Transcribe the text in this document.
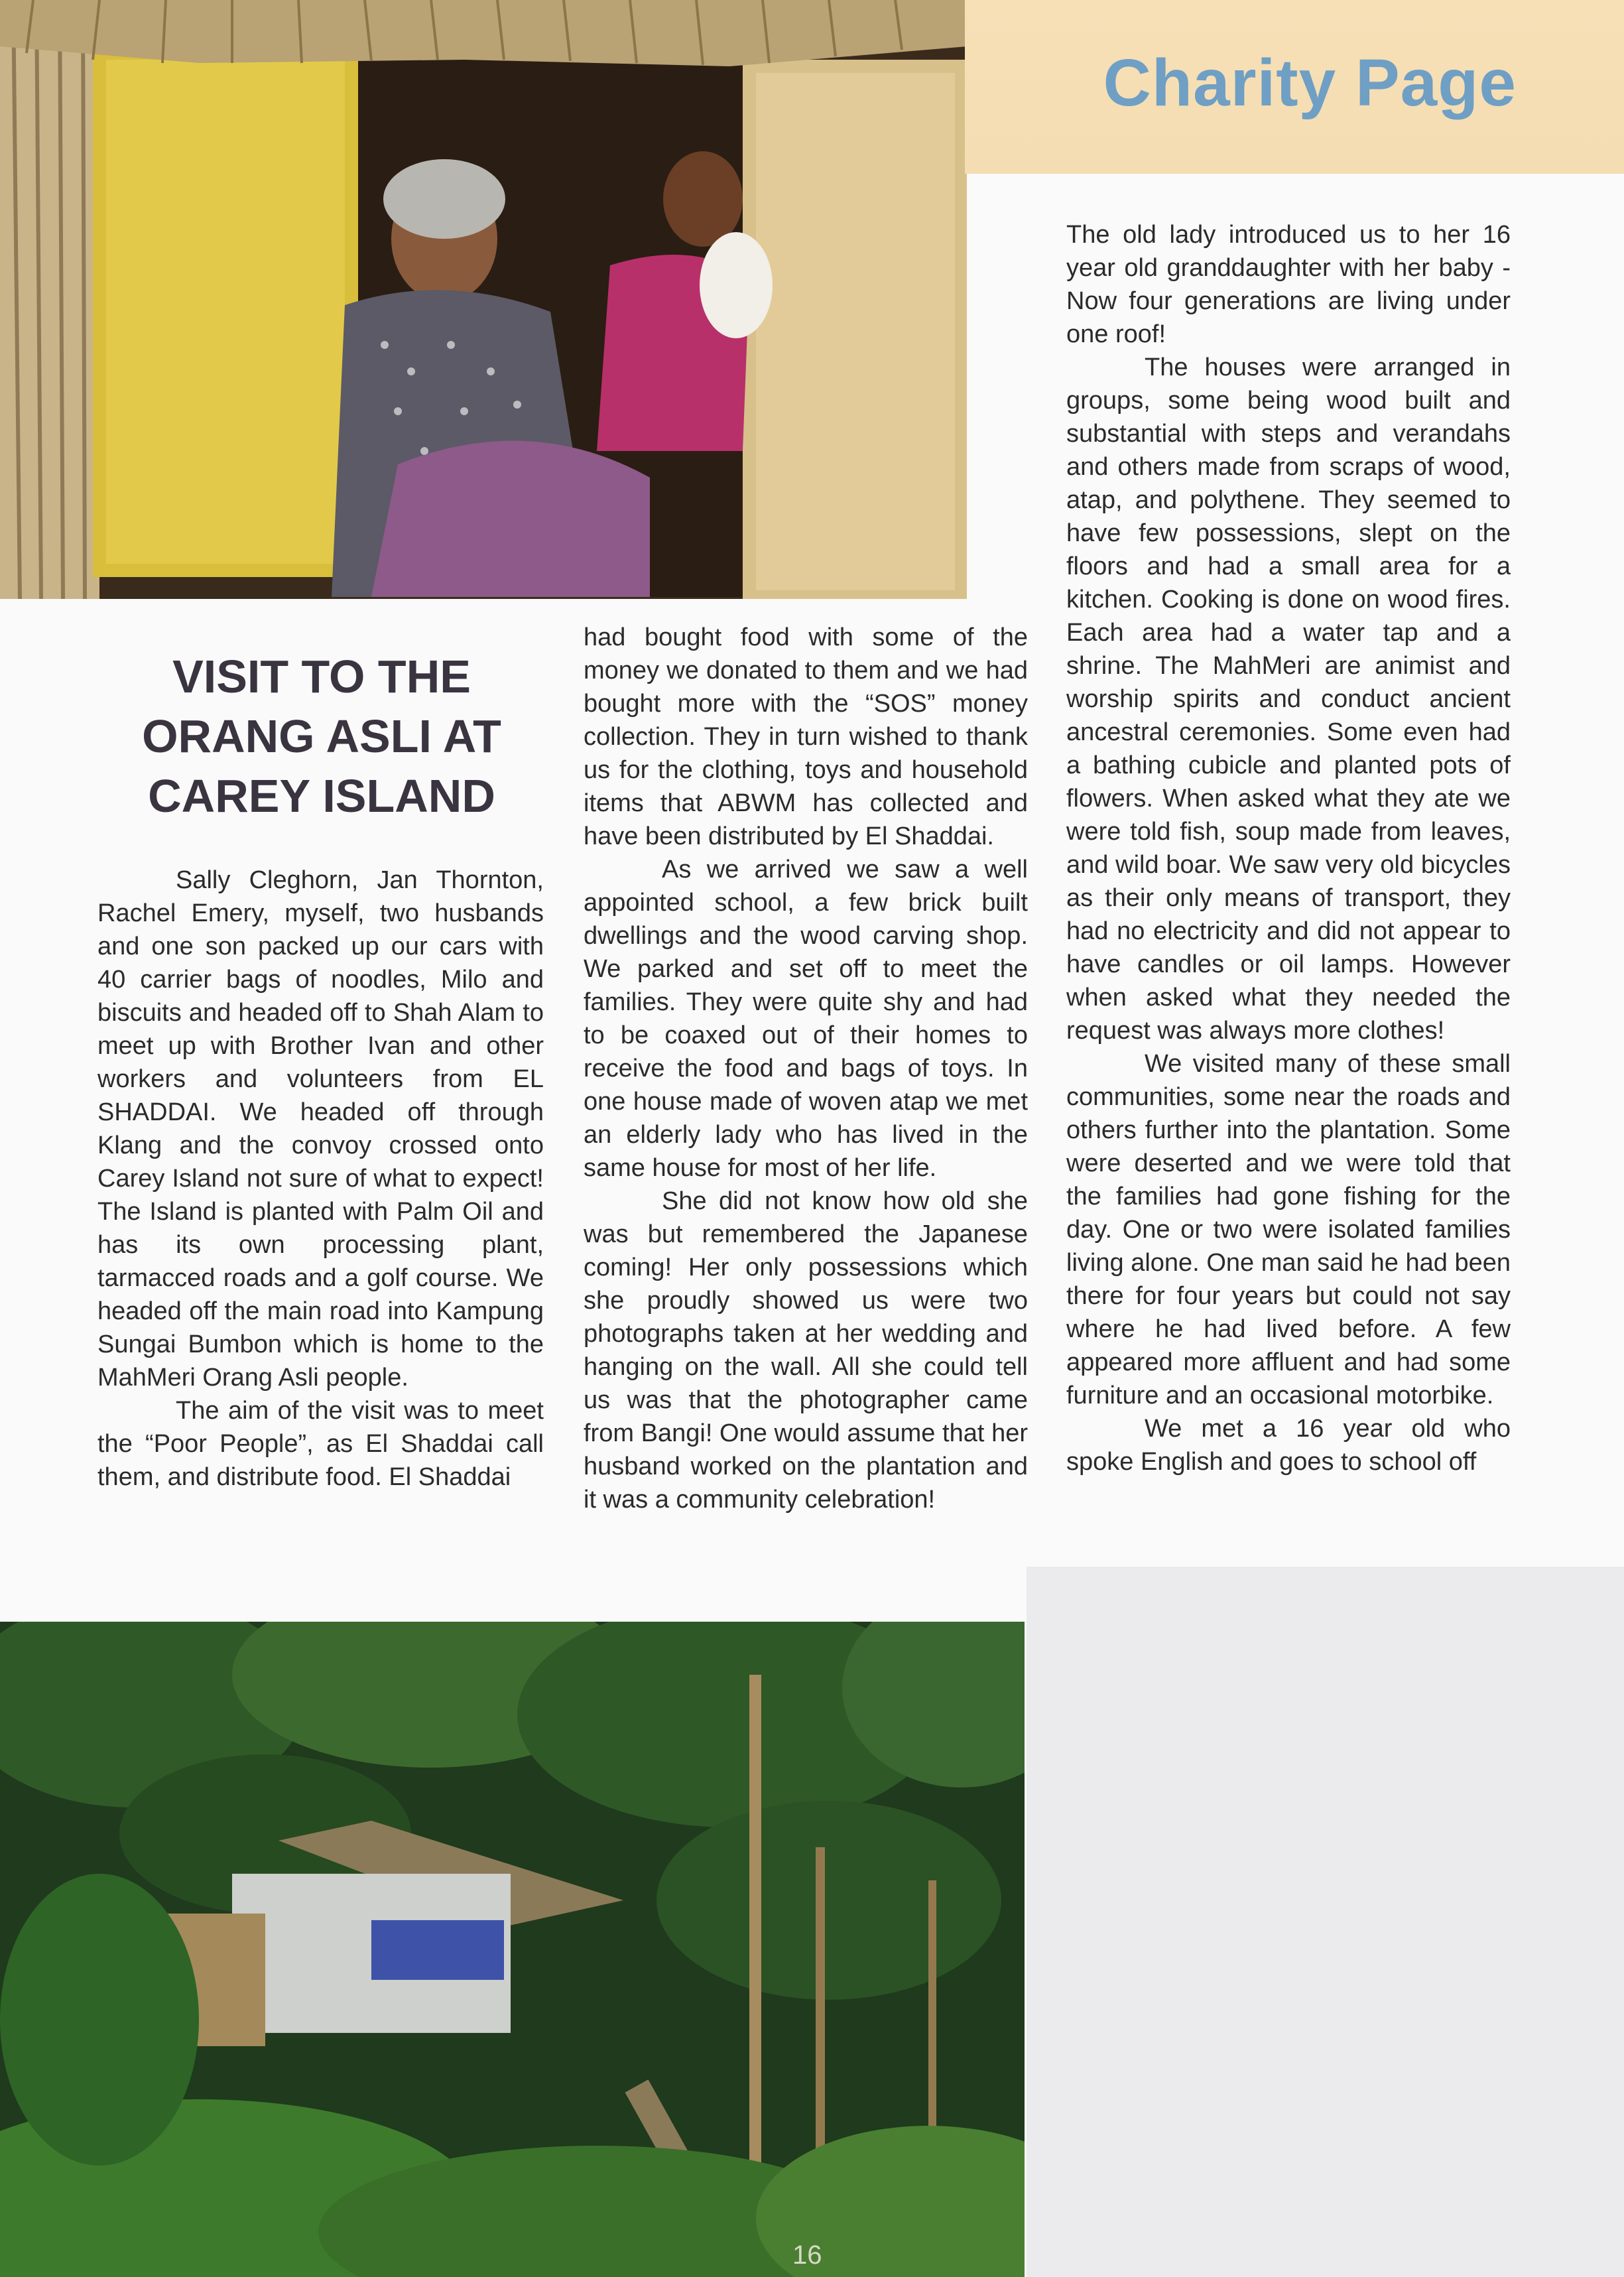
Charity Page
VISIT TO THE
ORANG ASLI AT
CAREY ISLAND

Sally Cleghorn, Jan Thornton, Rachel Emery, myself, two husbands and one son packed up our cars with 40 carrier bags of noodles, Milo and biscuits and headed off to Shah Alam to meet up with Brother Ivan and other workers and volunteers from EL SHADDAI. We headed off through Klang and the convoy crossed onto Carey Island not sure of what to expect! The Island is planted with Palm Oil and has its own processing plant, tarmacced roads and a golf course. We headed off the main road into Kampung Sungai Bumbon which is home to the MahMeri Orang Asli people.

The aim of the visit was to meet the “Poor People”, as El Shaddai call them, and distribute food. El Shaddai

had bought food with some of the money we donated to them and we had bought more with the “SOS” money collection. They in turn wished to thank us for the clothing, toys and household items that ABWM has collected and have been distributed by El Shaddai.

As we arrived we saw a well appointed school, a few brick built dwellings and the wood carving shop. We parked and set off to meet the families. They were quite shy and had to be coaxed out of their homes to receive the food and bags of toys. In one house made of woven atap we met an elderly lady who has lived in the same house for most of her life.

She did not know how old she was but remembered the Japanese coming! Her only possessions which she proudly showed us were two photographs taken at her wedding and hanging on the wall. All she could tell us was that the photographer came from Bangi! One would assume that her husband worked on the plantation and it was a community celebration!

The old lady introduced us to her 16 year old granddaughter with her baby -Now four generations are living under one roof!

The houses were arranged in groups, some being wood built and substantial with steps and verandahs and others made from scraps of wood, atap, and polythene. They seemed to have few possessions, slept on the floors and had a small area for a kitchen. Cooking is done on wood fires. Each area had a water tap and a shrine. The MahMeri are animist and worship spirits and conduct ancient ancestral ceremonies. Some even had a bathing cubicle and planted pots of flowers. When asked what they ate we were told fish, soup made from leaves, and wild boar. We saw very old bicycles as their only means of transport, they had no electricity and did not appear to have candles or oil lamps. However when asked what they needed the request was always more clothes!

We visited many of these small communities, some near the roads and others further into the plantation. Some were deserted and we were told that the families had gone fishing for the day. One or two were isolated families living alone. One man said he had been there for four years but could not say where he had lived before. A few appeared more affluent and had some furniture and an occasional motorbike.

We met a 16 year old who spoke English and goes to school off

16
